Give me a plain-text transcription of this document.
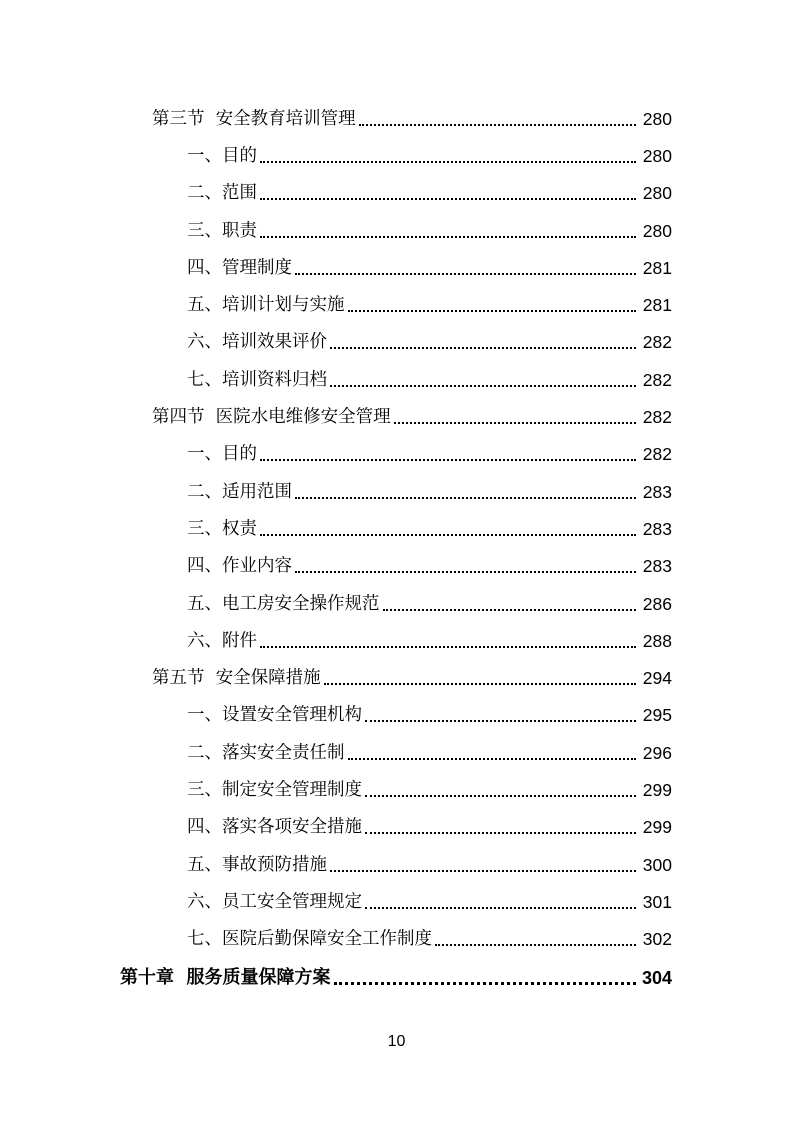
第三节  安全教育培训管理	280
一、目的	280
二、范围	280
三、职责	280
四、管理制度	281
五、培训计划与实施	281
六、培训效果评价	282
七、培训资料归档	282
第四节  医院水电维修安全管理	282
一、目的	282
二、适用范围	283
三、权责	283
四、作业内容	283
五、电工房安全操作规范	286
六、附件	288
第五节  安全保障措施	294
一、设置安全管理机构	295
二、落实安全责任制	296
三、制定安全管理制度	299
四、落实各项安全措施	299
五、事故预防措施	300
六、员工安全管理规定	301
七、医院后勤保障安全工作制度	302
第十章  服务质量保障方案	304
10
